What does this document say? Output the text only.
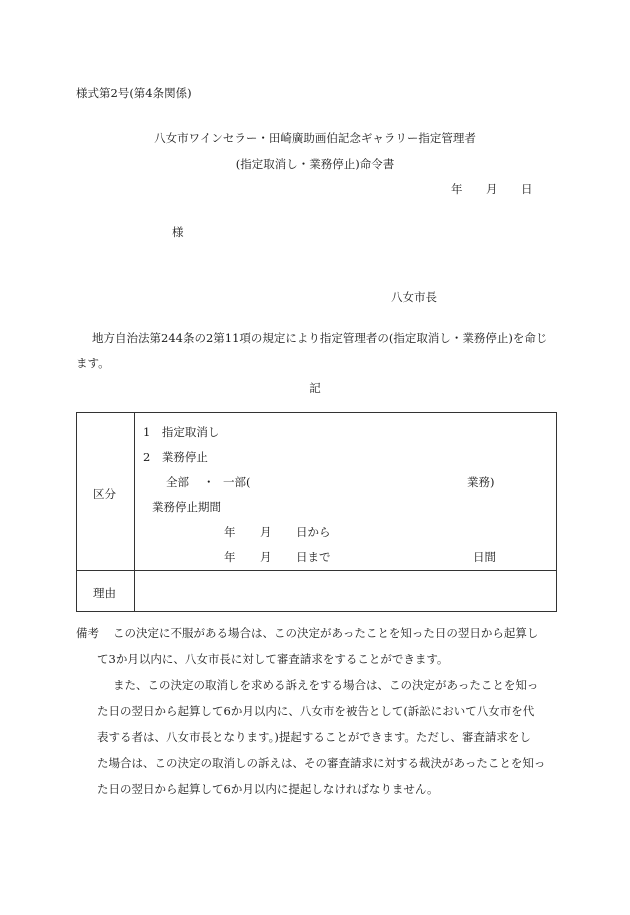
様式第2号(第4条関係)
八女市ワインセラー・田崎廣助画伯記念ギャラリー指定管理者
(指定取消し・業務停止)命令書
年 月 日
様
八女市長
地方自治法第244条の2第11項の規定により指定管理者の(指定取消し・業務停止)を命じ
ます。
記
区分
1　指定取消し
2　業務停止
全部 ・ 一部(	業務)
業務停止期間
年 月 日から
年 月 日まで	日間
理由
備考 この決定に不服がある場合は、この決定があったことを知った日の翌日から起算し
て3か月以内に、八女市長に対して審査請求をすることができます。
また、この決定の取消しを求める訴えをする場合は、この決定があったことを知っ
た日の翌日から起算して6か月以内に、八女市を被告として(訴訟において八女市を代
表する者は、八女市長となります。)提起することができます。ただし、審査請求をし
た場合は、この決定の取消しの訴えは、その審査請求に対する裁決があったことを知っ
た日の翌日から起算して6か月以内に提起しなければなりません。
